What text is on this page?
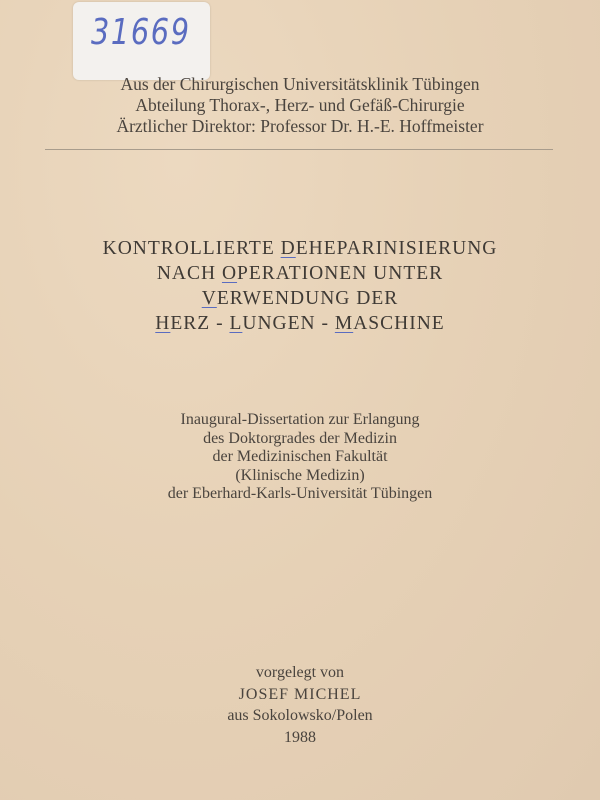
31669
Aus der Chirurgischen Universitätsklinik Tübingen
Abteilung Thorax-, Herz- und Gefäß-Chirurgie
Ärztlicher Direktor: Professor Dr. H.-E. Hoffmeister
KONTROLLIERTE DEHEPARINISIERUNG
NACH OPERATIONEN UNTER
VERWENDUNG DER
HERZ - LUNGEN - MASCHINE
Inaugural-Dissertation zur Erlangung
des Doktorgrades der Medizin
der Medizinischen Fakultät
(Klinische Medizin)
der Eberhard-Karls-Universität Tübingen
vorgelegt von
JOSEF MICHEL
aus Sokolowsko/Polen
1988
